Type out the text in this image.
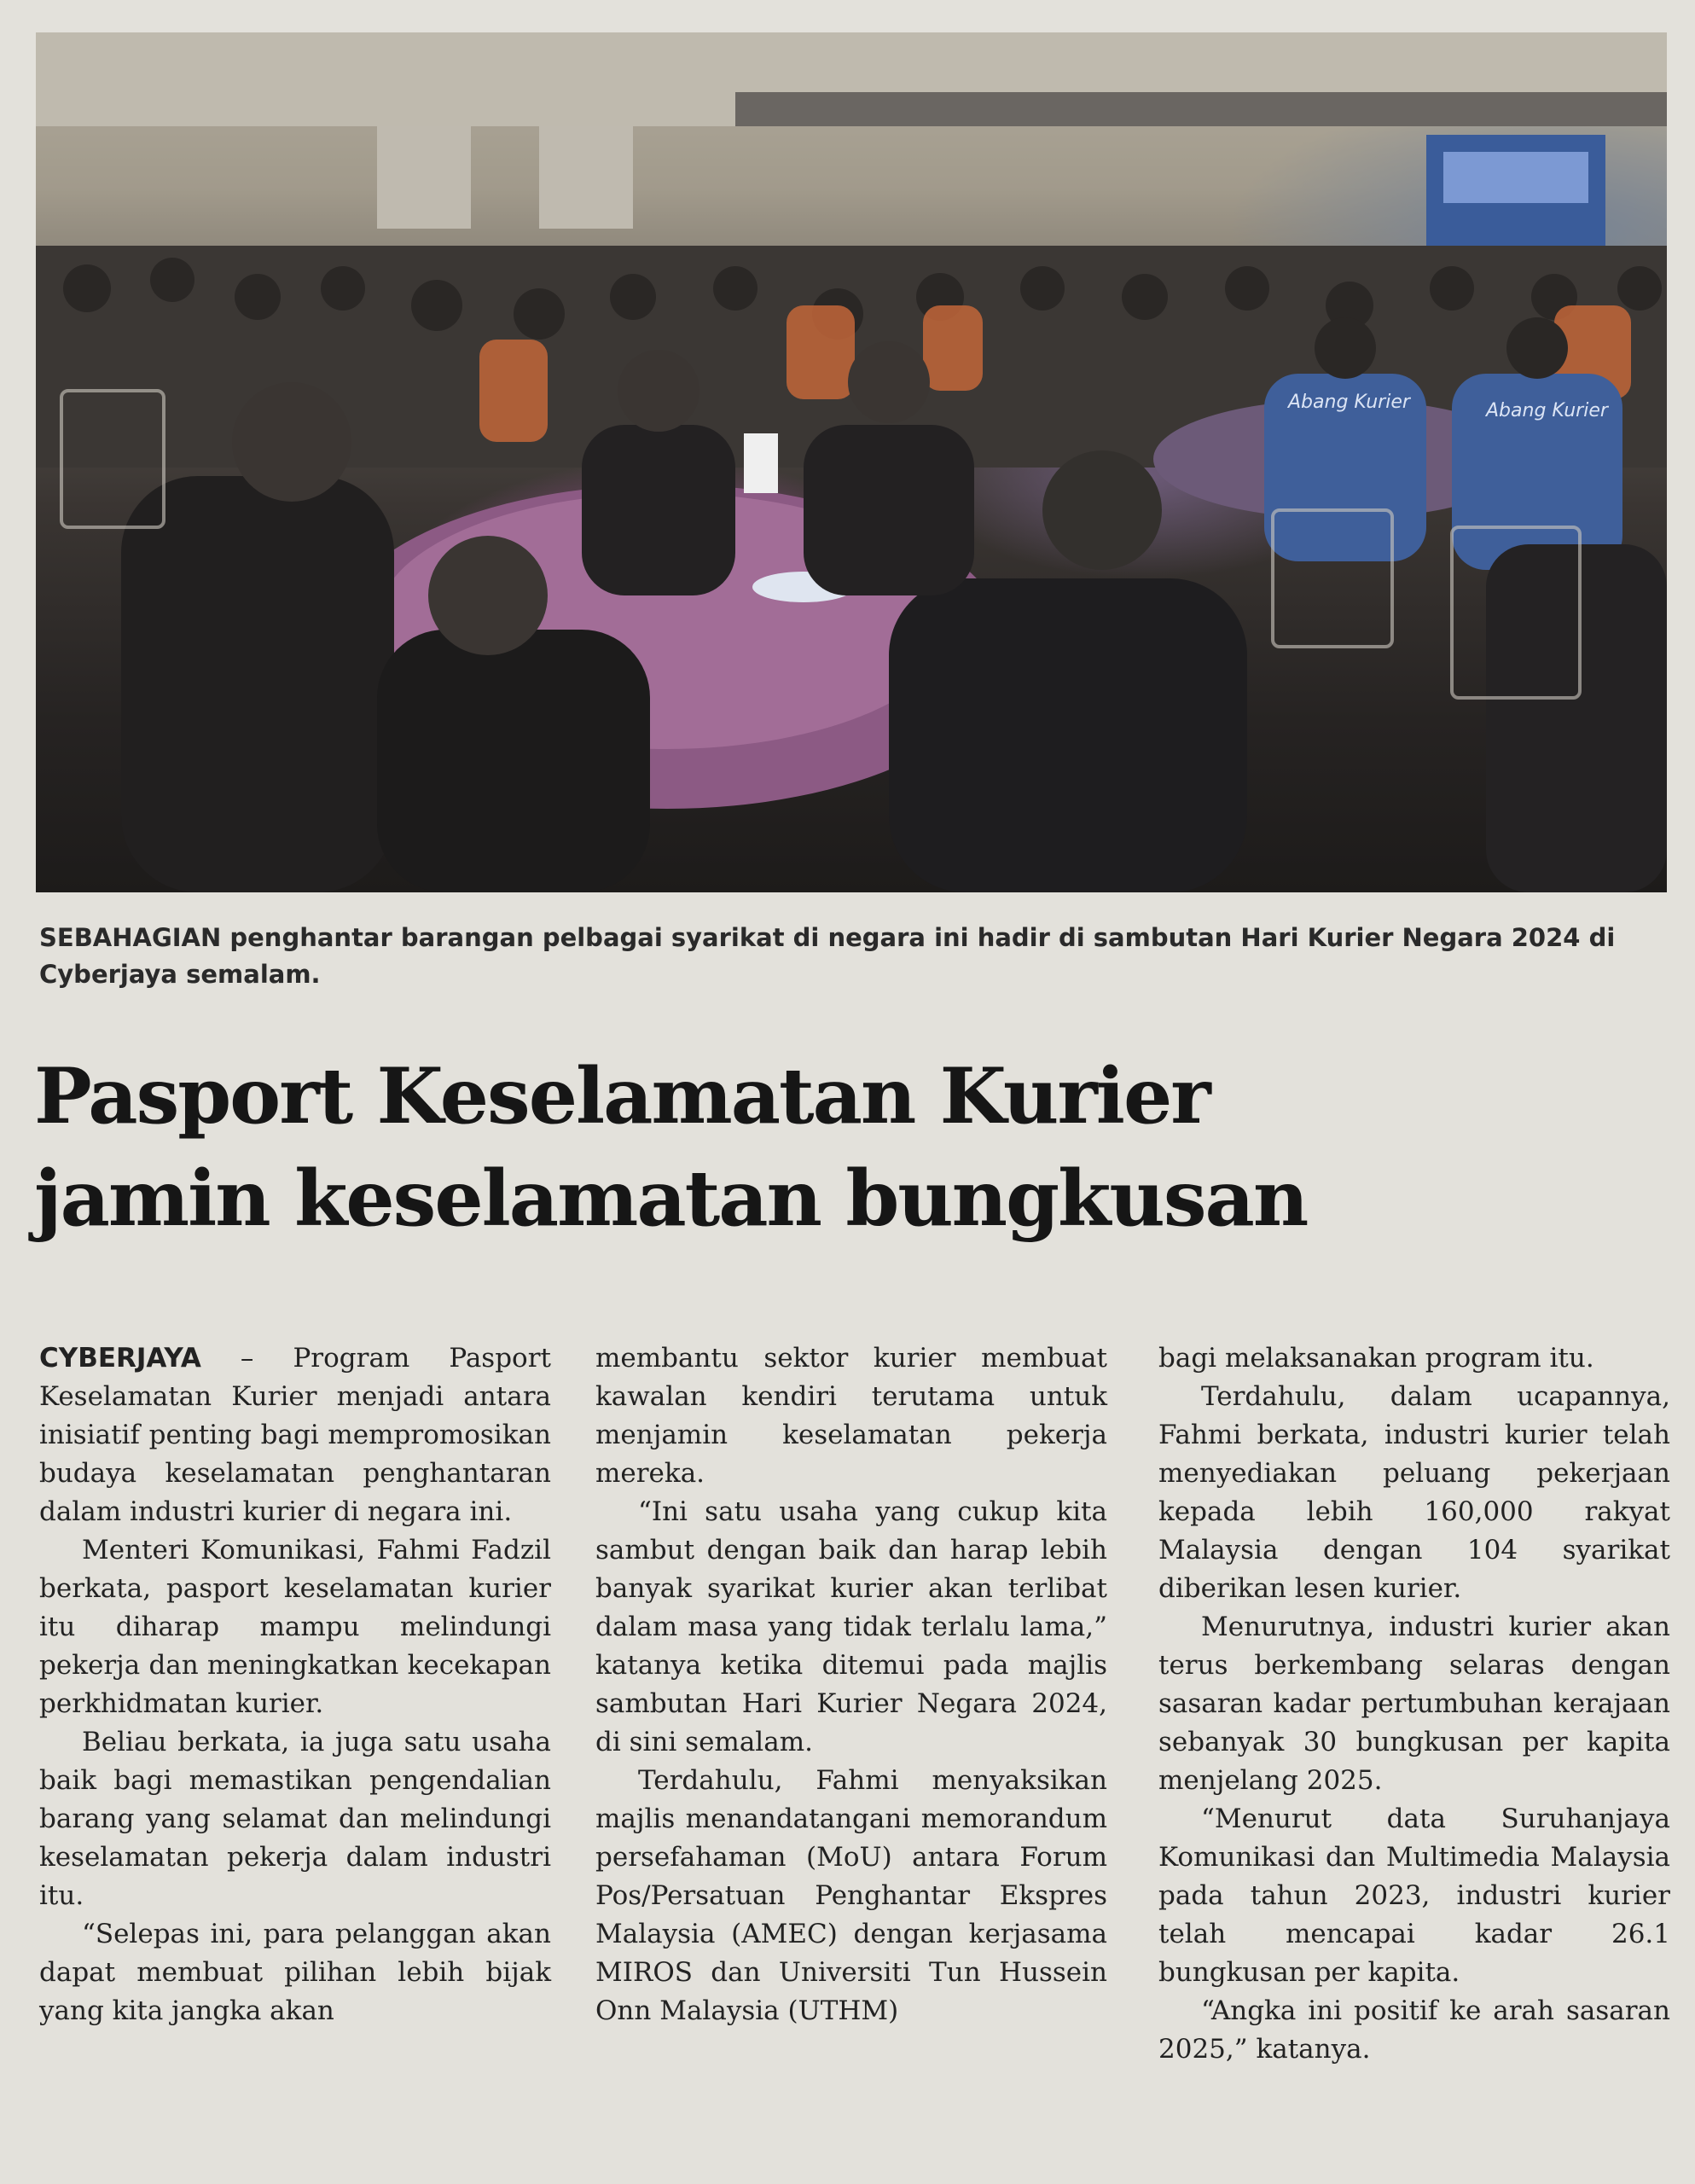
Abang Kurier	Abang Kurier

SEBAHAGIAN penghantar barangan pelbagai syarikat di negara ini hadir di sambutan Hari Kurier Negara 2024 di Cyberjaya semalam.

Pasport Keselamatan Kurier
jamin keselamatan bungkusan

CYBERJAYA – Program Pasport Keselamatan Kurier menjadi antara inisiatif penting bagi mempromosikan budaya keselamatan penghantaran dalam industri kurier di negara ini.

Menteri Komunikasi, Fahmi Fadzil berkata, pasport keselamatan kurier itu diharap mampu melindungi pekerja dan meningkatkan kecekapan perkhidmatan kurier.

Beliau berkata, ia juga satu usaha baik bagi memastikan pengendalian barang yang selamat dan melindungi keselamatan pekerja dalam industri itu.

“Selepas ini, para pelanggan akan dapat membuat pilihan lebih bijak yang kita jangka akan

membantu sektor kurier membuat kawalan kendiri terutama untuk menjamin keselamatan pekerja mereka.

“Ini satu usaha yang cukup kita sambut dengan baik dan harap lebih banyak syarikat kurier akan terlibat dalam masa yang tidak terlalu lama,” katanya ketika ditemui pada majlis sambutan Hari Kurier Negara 2024, di sini semalam.

Terdahulu, Fahmi menyaksikan majlis menandatangani memorandum persefahaman (MoU) antara Forum Pos/Persatuan Penghantar Ekspres Malaysia (AMEC) dengan kerjasama MIROS dan Universiti Tun Hussein Onn Malaysia (UTHM)

bagi melaksanakan program itu.

Terdahulu, dalam ucapannya, Fahmi berkata, industri kurier telah menyediakan peluang pekerjaan kepada lebih 160,000 rakyat Malaysia dengan 104 syarikat diberikan lesen kurier.

Menurutnya, industri kurier akan terus berkembang selaras dengan sasaran kadar pertumbuhan kerajaan sebanyak 30 bungkusan per kapita menjelang 2025.

“Menurut data Suruhanjaya Komunikasi dan Multimedia Malaysia pada tahun 2023, industri kurier telah mencapai kadar 26.1 bungkusan per kapita.

“Angka ini positif ke arah sasaran 2025,” katanya.
